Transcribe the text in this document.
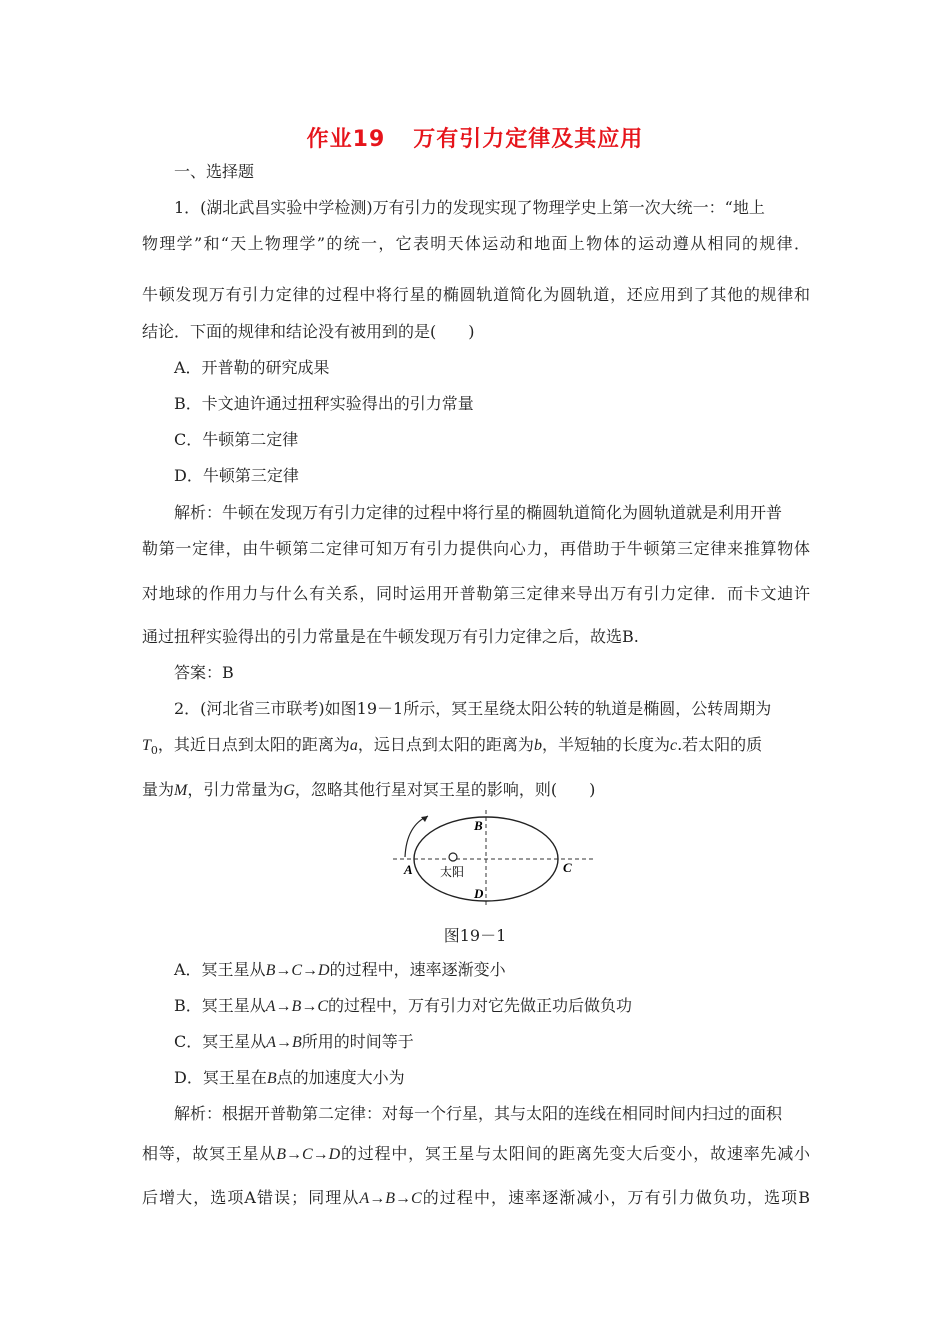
作业19 万有引力定律及其应用
一、选择题
1．(湖北武昌实验中学检测)万有引力的发现实现了物理学史上第一次大统一：“地上
物理学”和“天上物理学”的统一，它表明天体运动和地面上物体的运动遵从相同的规律．
牛顿发现万有引力定律的过程中将行星的椭圆轨道简化为圆轨道，还应用到了其他的规律和
结论．下面的规律和结论没有被用到的是(　　)
A．开普勒的研究成果
B．卡文迪许通过扭秤实验得出的引力常量
C．牛顿第二定律
D．牛顿第三定律
解析：牛顿在发现万有引力定律的过程中将行星的椭圆轨道简化为圆轨道就是利用开普
勒第一定律，由牛顿第二定律可知万有引力提供向心力，再借助于牛顿第三定律来推算物体
对地球的作用力与什么有关系，同时运用开普勒第三定律来导出万有引力定律．而卡文迪许
通过扭秤实验得出的引力常量是在牛顿发现万有引力定律之后，故选B.
答案：B
2．(河北省三市联考)如图19－1所示，冥王星绕太阳公转的轨道是椭圆，公转周期为
$T_0$，其近日点到太阳的距离为a，远日点到太阳的距离为b，半短轴的长度为c.若太阳的质
量为M，引力常量为G，忽略其他行星对冥王星的影响，则(　　)
太阳
A
B
C
D
图19－1
A．冥王星从B→C→D的过程中，速率逐渐变小
B．冥王星从A→B→C的过程中，万有引力对它先做正功后做负功
C．冥王星从A→B所用的时间等于
D．冥王星在B点的加速度大小为
解析：根据开普勒第二定律：对每一个行星，其与太阳的连线在相同时间内扫过的面积
相等，故冥王星从B→C→D的过程中，冥王星与太阳间的距离先变大后变小，故速率先减小
后增大，选项A错误；同理从A→B→C的过程中，速率逐渐减小，万有引力做负功，选项B
